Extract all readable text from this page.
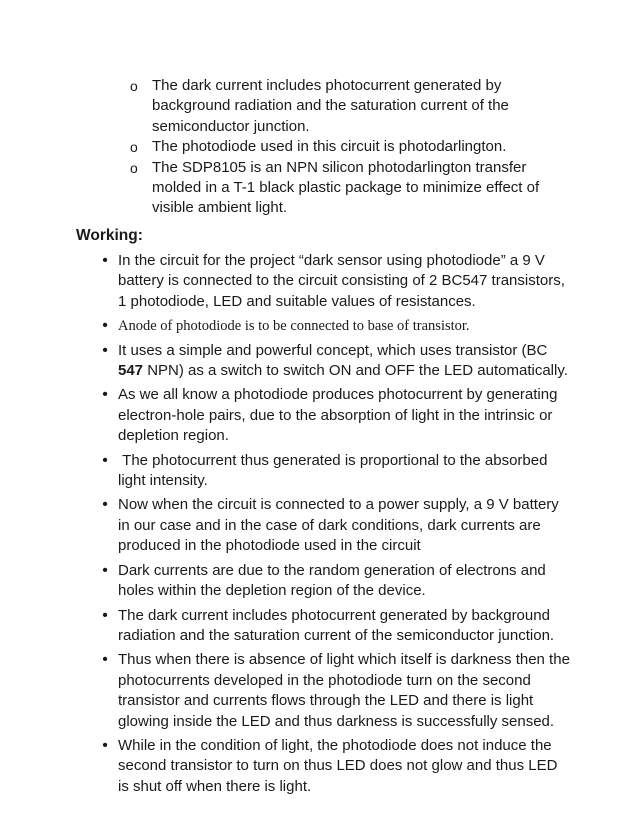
o The dark current includes photocurrent generated by background radiation and the saturation current of the semiconductor junction.
o The photodiode used in this circuit is photodarlington.
o The SDP8105 is an NPN silicon photodarlington transfer molded in a T-1 black plastic package to minimize effect of visible ambient light.
Working:
• In the circuit for the project “dark sensor using photodiode” a 9 V battery is connected to the circuit consisting of 2 BC547 transistors, 1 photodiode, LED and suitable values of resistances.
• Anode of photodiode is to be connected to base of transistor.
• It uses a simple and powerful concept, which uses transistor (BC 547 NPN) as a switch to switch ON and OFF the LED automatically.
• As we all know a photodiode produces photocurrent by generating electron-hole pairs, due to the absorption of light in the intrinsic or depletion region.
• The photocurrent thus generated is proportional to the absorbed light intensity.
• Now when the circuit is connected to a power supply, a 9 V battery in our case and in the case of dark conditions, dark currents are produced in the photodiode used in the circuit
• Dark currents are due to the random generation of electrons and holes within the depletion region of the device.
• The dark current includes photocurrent generated by background radiation and the saturation current of the semiconductor junction.
• Thus when there is absence of light which itself is darkness then the photocurrents developed in the photodiode turn on the second transistor and currents flows through the LED and there is light glowing inside the LED and thus darkness is successfully sensed.
• While in the condition of light, the photodiode does not induce the second transistor to turn on thus LED does not glow and thus LED is shut off when there is light.
